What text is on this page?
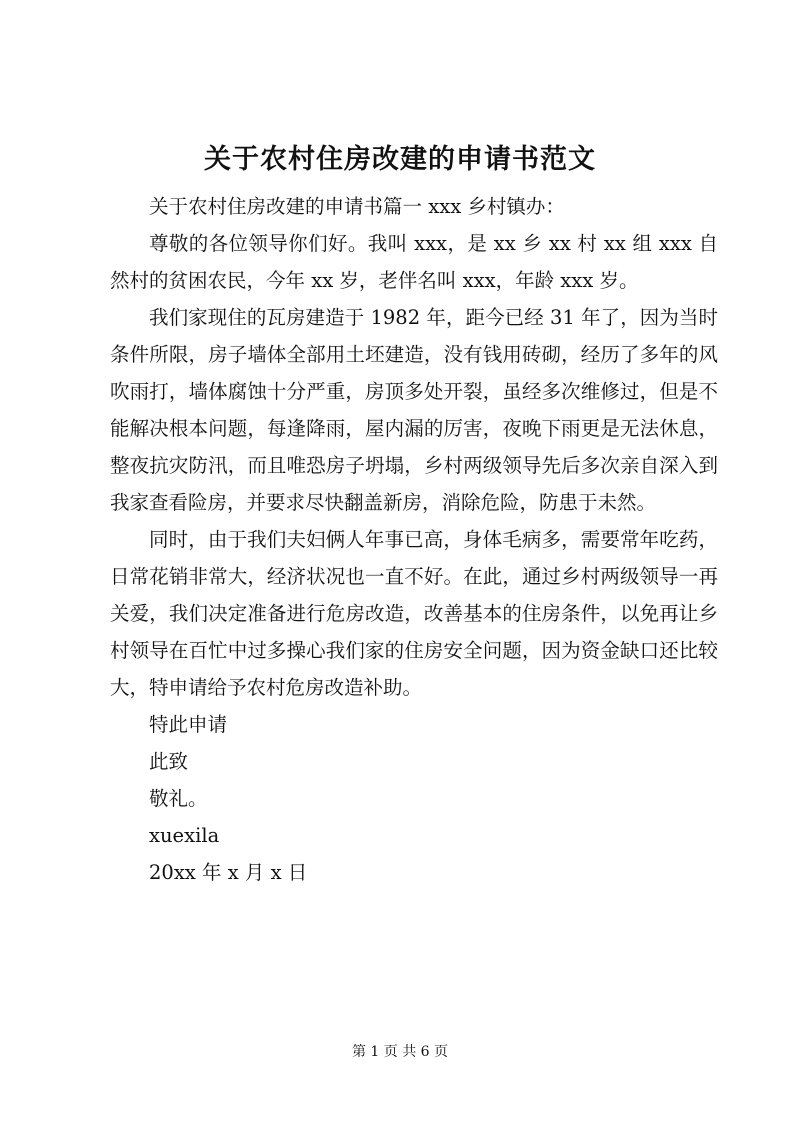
关于农村住房改建的申请书范文

关于农村住房改建的申请书篇一 xxx 乡村镇办：

尊敬的各位领导你们好。我叫 xxx，是 xx 乡 xx 村 xx 组 xxx 自然村的贫困农民，今年 xx 岁，老伴名叫 xxx，年龄 xxx 岁。

我们家现住的瓦房建造于 1982 年，距今已经 31 年了，因为当时条件所限，房子墙体全部用土坯建造，没有钱用砖砌，经历了多年的风吹雨打，墙体腐蚀十分严重，房顶多处开裂，虽经多次维修过，但是不能解决根本问题，每逢降雨，屋内漏的厉害，夜晚下雨更是无法休息，整夜抗灾防汛，而且唯恐房子坍塌，乡村两级领导先后多次亲自深入到我家查看险房，并要求尽快翻盖新房，消除危险，防患于未然。

同时，由于我们夫妇俩人年事已高，身体毛病多，需要常年吃药，日常花销非常大，经济状况也一直不好。在此，通过乡村两级领导一再关爱，我们决定准备进行危房改造，改善基本的住房条件，以免再让乡村领导在百忙中过多操心我们家的住房安全问题，因为资金缺口还比较大，特申请给予农村危房改造补助。

特此申请

此致

敬礼。

xuexila

20xx 年 x 月 x 日

第 1 页 共 6 页
